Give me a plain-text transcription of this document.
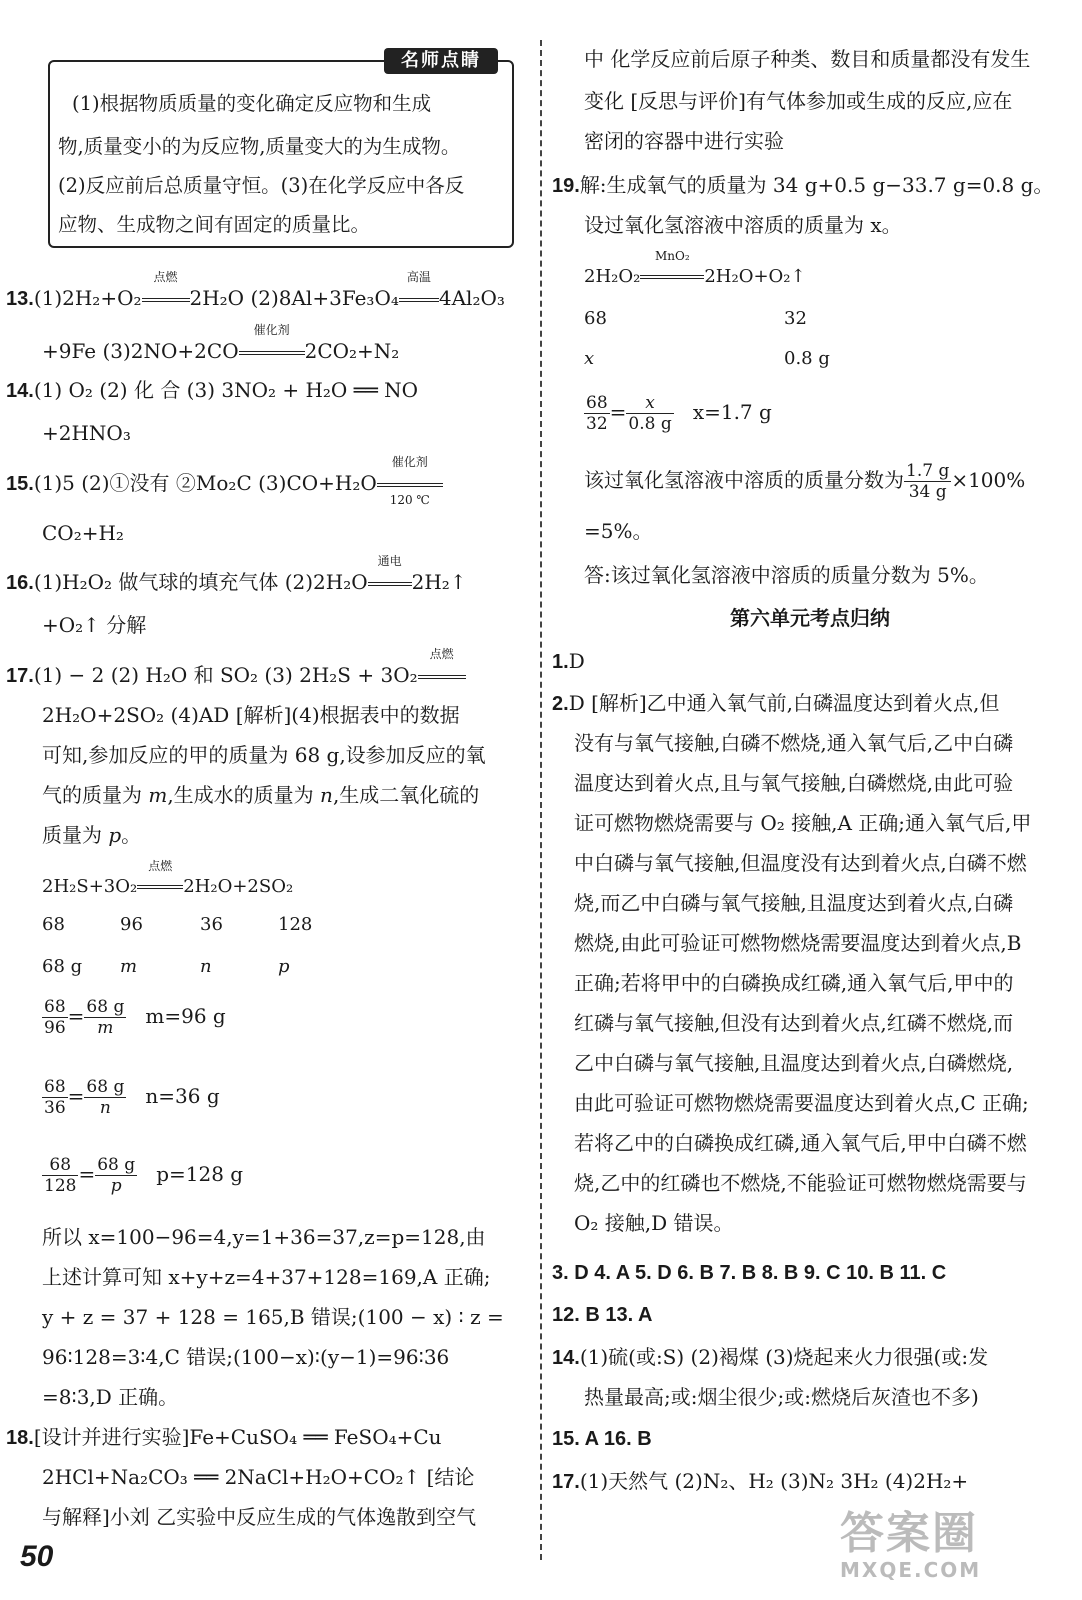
名师点睛
(1)根据物质质量的变化确定反应物和生成
物,质量变小的为反应物,质量变大的为生成物。
(2)反应前后总质量守恒。(3)在化学反应中各反
应物、生成物之间有固定的质量比。
13.(1)2H₂+O₂
点燃
2H₂O (2)8Al+3Fe₃O₄
高温
4Al₂O₃
+9Fe (3)2NO+2CO
催化剂
2CO₂+N₂
14.(1) O₂ (2) 化 合 (3) 3NO₂ + H₂O ══ NO
+2HNO₃
15.(1)5 (2)①没有 ②Mo₂C (3)CO+H₂O
催化剂
120 ℃
CO₂+H₂
16.(1)H₂O₂ 做气球的填充气体 (2)2H₂O
通电
2H₂↑
+O₂↑ 分解
17.(1) − 2 (2) H₂O 和 SO₂ (3) 2H₂S + 3O₂
点燃
2H₂O+2SO₂ (4)AD [解析](4)根据表中的数据
可知,参加反应的甲的质量为 68 g,设参加反应的氧
气的质量为 m,生成水的质量为 n,生成二氧化硫的
质量为 p。
2H₂S+3O₂
点燃
2H₂O+2SO₂
68	96	36	128
68 g m	n	p
$\frac{68}{96} = \frac{68 g}{m} m=96$ g
$\frac{68}{36} = \frac{68 g}{n} n=36$ g
$\frac{68}{128} = \frac{68 g}{p} p=128$ g
所以 x=100−96=4,y=1+36=37,z=p=128,由
上述计算可知 x+y+z=4+37+128=169,A 正确;
y + z = 37 + 128 = 165,B 错误;(100 − x) ∶ z =
96∶128=3∶4,C 错误;(100−x)∶(y−1)=96∶36
=8∶3,D 正确。
18.[设计并进行实验]Fe+CuSO₄ ══ FeSO₄+Cu
2HCl+Na₂CO₃ ══ 2NaCl+H₂O+CO₂↑ [结论
与解释]小刘 乙实验中反应生成的气体逸散到空气
中 化学反应前后原子种类、数目和质量都没有发生
变化 [反思与评价]有气体参加或生成的反应,应在
密闭的容器中进行实验
19.解:生成氧气的质量为 34 g+0.5 g−33.7 g=0.8 g。
设过氧化氢溶液中溶质的质量为 x。
2H₂O₂
MnO₂
2H₂O+O₂↑
68	32
x	0.8 g
$\frac{68}{32} = \frac{x}{0.8 g} x=1.7$ g
该过氧化氢溶液中溶质的质量分数为 $\frac{1.7 g}{34 g} \times 100\%$
=5%。
答:该过氧化氢溶液中溶质的质量分数为 5%。
第六单元考点归纳
1.D
2.D [解析]乙中通入氧气前,白磷温度达到着火点,但
没有与氧气接触,白磷不燃烧,通入氧气后,乙中白磷
温度达到着火点,且与氧气接触,白磷燃烧,由此可验
证可燃物燃烧需要与 O₂ 接触,A 正确;通入氧气后,甲
中白磷与氧气接触,但温度没有达到着火点,白磷不燃
烧,而乙中白磷与氧气接触,且温度达到着火点,白磷
燃烧,由此可验证可燃物燃烧需要温度达到着火点,B
正确;若将甲中的白磷换成红磷,通入氧气后,甲中的
红磷与氧气接触,但没有达到着火点,红磷不燃烧,而
乙中白磷与氧气接触,且温度达到着火点,白磷燃烧,
由此可验证可燃物燃烧需要温度达到着火点,C 正确;
若将乙中的白磷换成红磷,通入氧气后,甲中白磷不燃
烧,乙中的红磷也不燃烧,不能验证可燃物燃烧需要与
O₂ 接触,D 错误。
3. D 4. A 5. D 6. B 7. B 8. B 9. C 10. B 11. C
12. B 13. A
14.(1)硫(或:S) (2)褐煤 (3)烧起来火力很强(或:发
热量最高;或:烟尘很少;或:燃烧后灰渣也不多)
15. A 16. B
17.(1)天然气 (2)N₂、H₂ (3)N₂ 3H₂ (4)2H₂+
50	答案圈
MXQE.COM
